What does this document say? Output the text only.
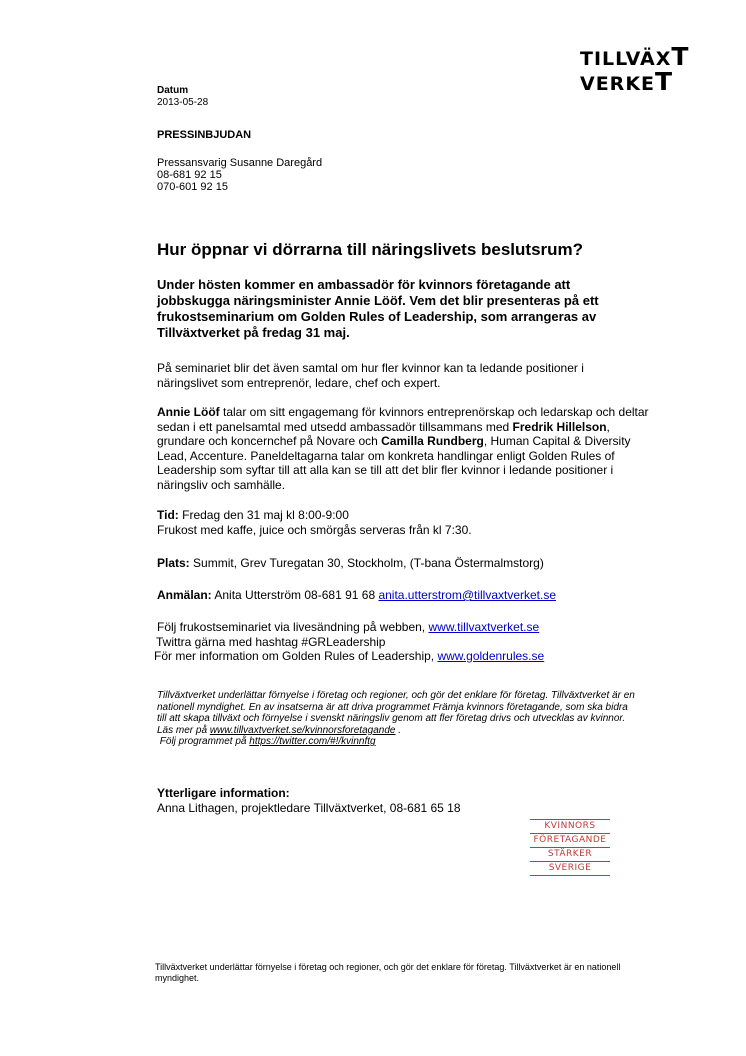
TILLVÄXT
VERKET
Datum
2013-05-28
PRESSINBJUDAN
Pressansvarig Susanne Daregård
08-681 92 15
070-601 92 15
Hur öppnar vi dörrarna till näringslivets beslutsrum?
Under hösten kommer en ambassadör för kvinnors företagande att jobbskugga näringsminister Annie Lööf. Vem det blir presenteras på ett frukostseminarium om Golden Rules of Leadership, som arrangeras av Tillväxtverket på fredag 31 maj.
På seminariet blir det även samtal om hur fler kvinnor kan ta ledande positioner i näringslivet som entreprenör, ledare, chef och expert.
Annie Lööf talar om sitt engagemang för kvinnors entreprenörskap och ledarskap och deltar sedan i ett panelsamtal med utsedd ambassadör tillsammans med Fredrik Hillelson, grundare och koncernchef på Novare och Camilla Rundberg, Human Capital & Diversity Lead, Accenture. Paneldeltagarna talar om konkreta handlingar enligt Golden Rules of Leadership som syftar till att alla kan se till att det blir fler kvinnor i ledande positioner i näringsliv och samhälle.
Tid: Fredag den 31 maj kl 8:00-9:00
Frukost med kaffe, juice och smörgås serveras från kl 7:30.
Plats: Summit, Grev Turegatan 30, Stockholm, (T-bana Östermalmstorg)
Anmälan: Anita Utterström 08-681 91 68 anita.utterstrom@tillvaxtverket.se
Följ frukostseminariet via livesändning på webben, www.tillvaxtverket.se
Twittra gärna med hashtag #GRLeadership
För mer information om Golden Rules of Leadership, www.goldenrules.se
Tillväxtverket underlättar förnyelse i företag och regioner, och gör det enklare för företag. Tillväxtverket är en nationell myndighet. En av insatserna är att driva programmet Främja kvinnors företagande, som ska bidra till att skapa tillväxt och förnyelse i svenskt näringsliv genom att fler företag drivs och utvecklas av kvinnor. Läs mer på www.tillvaxtverket.se/kvinnorsforetagande .
Följ programmet på https://twitter.com/#!/kvinnftg
Ytterligare information:
Anna Lithagen, projektledare Tillväxtverket, 08-681 65 18
KVINNORS
FÖRETAGANDE
STÄRKER
SVERIGE
Tillväxtverket underlättar förnyelse i företag och regioner, och gör det enklare för företag. Tillväxtverket är en nationell myndighet.
